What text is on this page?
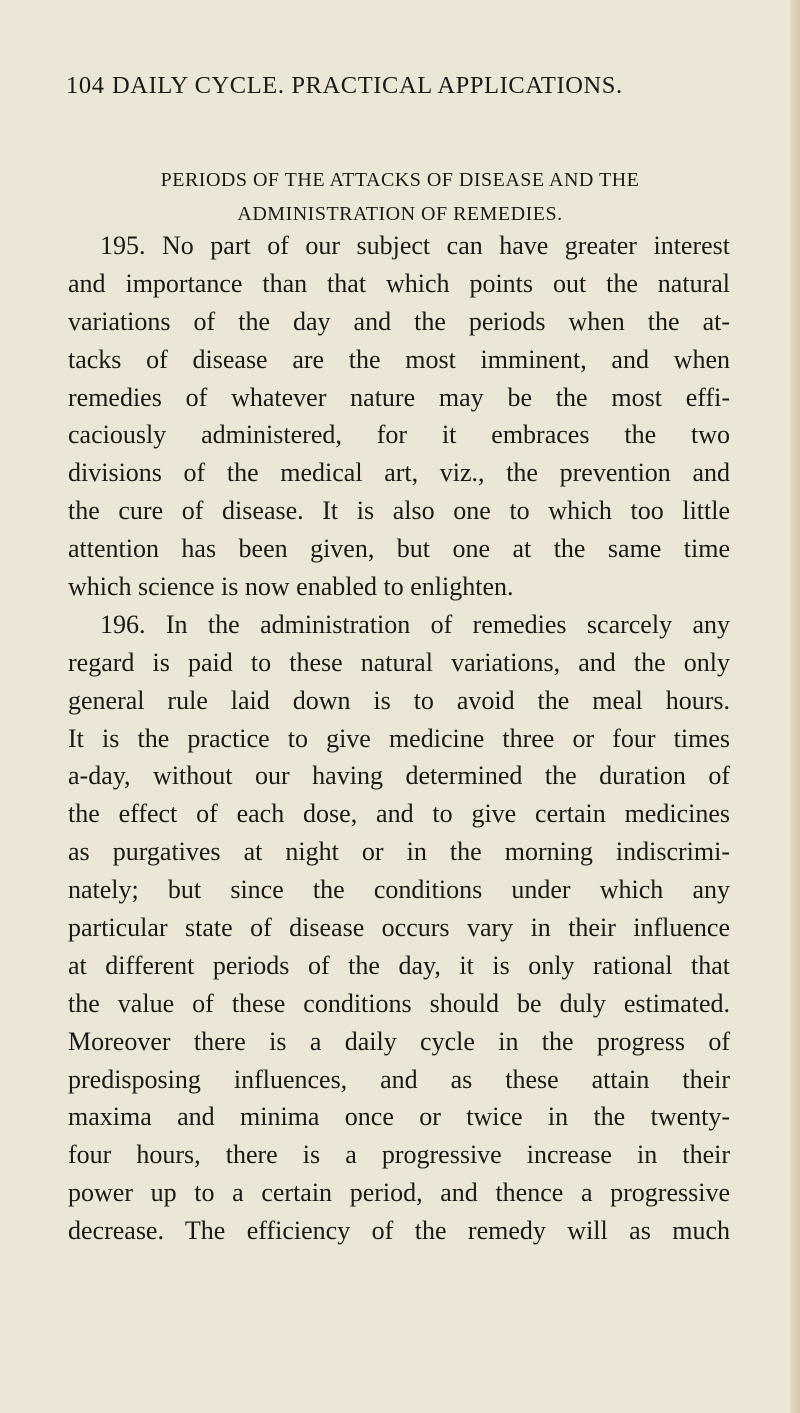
104 DAILY CYCLE. PRACTICAL APPLICATIONS.
PERIODS OF THE ATTACKS OF DISEASE AND THE
ADMINISTRATION OF REMEDIES.
195. No part of our subject can have greater interest
and importance than that which points out the natural
variations of the day and the periods when the at-
tacks of disease are the most imminent, and when
remedies of whatever nature may be the most effi-
caciously administered, for it embraces the two
divisions of the medical art, viz., the prevention and
the cure of disease. It is also one to which too little
attention has been given, but one at the same time
which science is now enabled to enlighten.
196. In the administration of remedies scarcely any
regard is paid to these natural variations, and the only
general rule laid down is to avoid the meal hours.
It is the practice to give medicine three or four times
a-day, without our having determined the duration of
the effect of each dose, and to give certain medicines
as purgatives at night or in the morning indiscrimi-
nately; but since the conditions under which any
particular state of disease occurs vary in their influence
at different periods of the day, it is only rational that
the value of these conditions should be duly estimated.
Moreover there is a daily cycle in the progress of
predisposing influences, and as these attain their
maxima and minima once or twice in the twenty-
four hours, there is a progressive increase in their
power up to a certain period, and thence a progressive
decrease. The efficiency of the remedy will as much
